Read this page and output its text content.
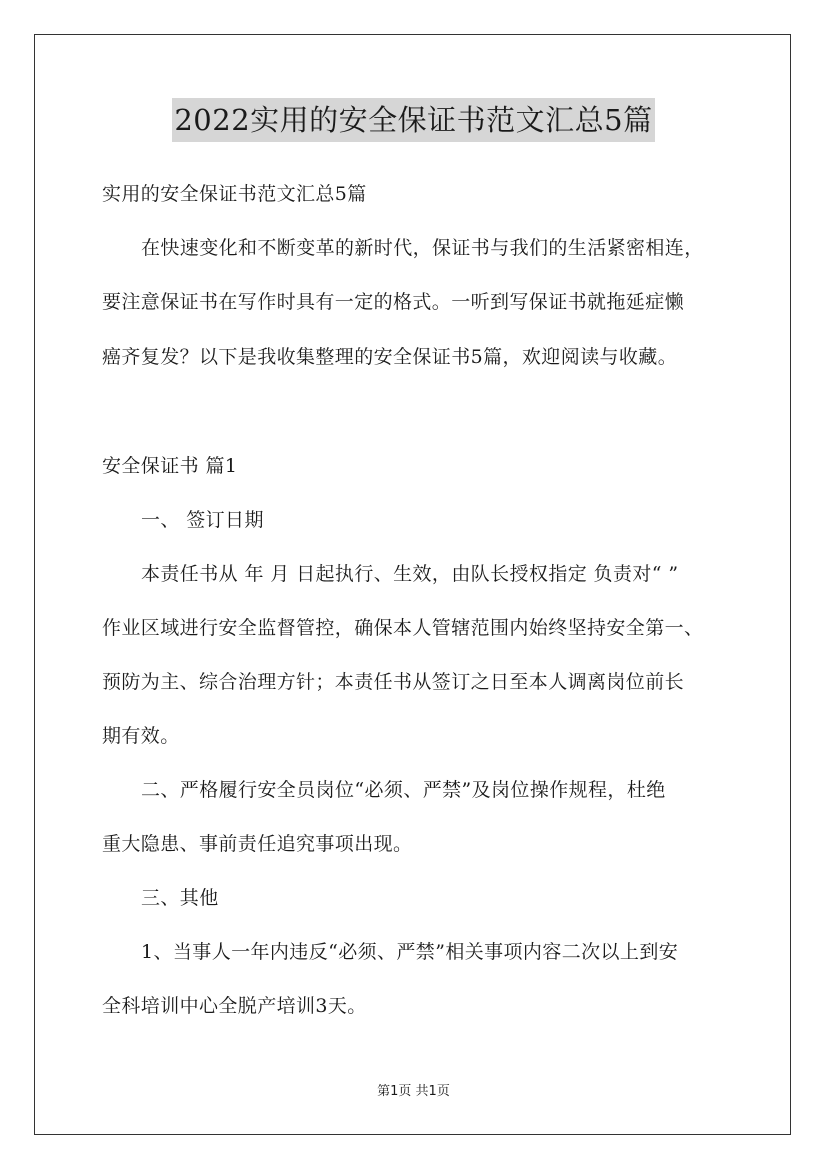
2022实用的安全保证书范文汇总5篇
实用的安全保证书范文汇总5篇
在快速变化和不断变革的新时代，保证书与我们的生活紧密相连，
要注意保证书在写作时具有一定的格式。一听到写保证书就拖延症懒
癌齐复发？以下是我收集整理的安全保证书5篇，欢迎阅读与收藏。
安全保证书 篇1
一、 签订日期
本责任书从 年 月 日起执行、生效，由队长授权指定 负责对“ ”
作业区域进行安全监督管控，确保本人管辖范围内始终坚持安全第一、
预防为主、综合治理方针；本责任书从签订之日至本人调离岗位前长
期有效。
二、严格履行安全员岗位“必须、严禁”及岗位操作规程，杜绝
重大隐患、事前责任追究事项出现。
三、其他
1、当事人一年内违反“必须、严禁”相关事项内容二次以上到安
全科培训中心全脱产培训3天。
第1页 共1页
